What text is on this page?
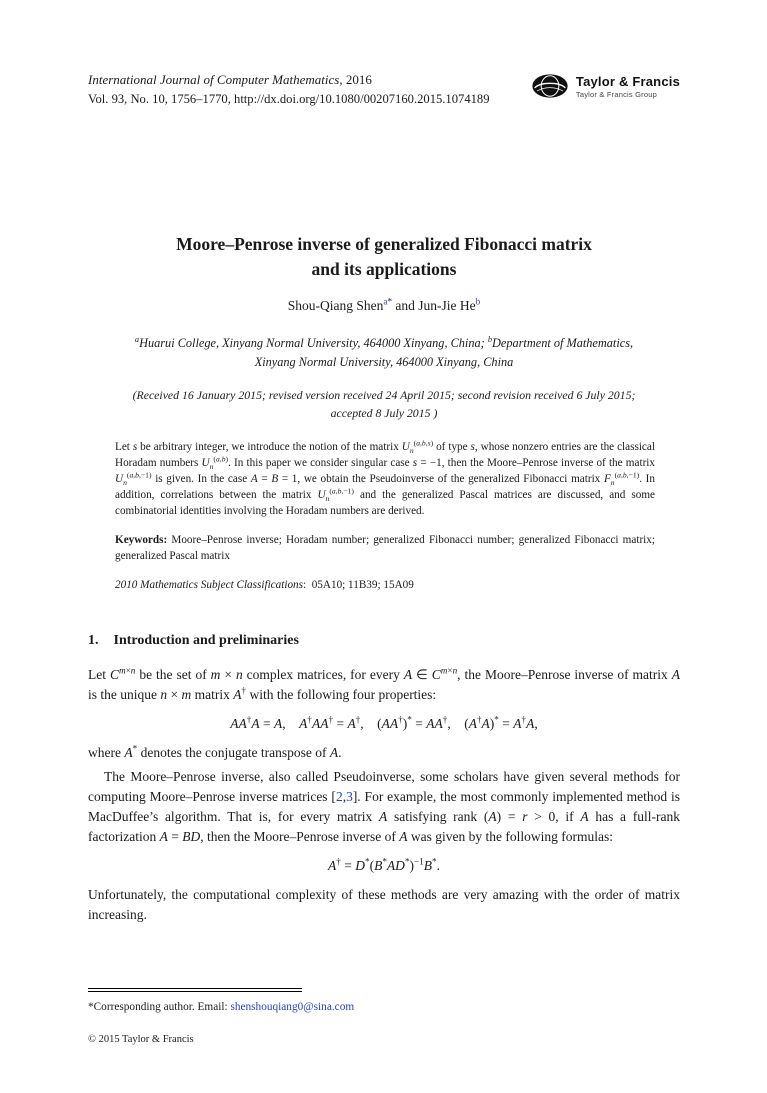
International Journal of Computer Mathematics, 2016
Vol. 93, No. 10, 1756–1770, http://dx.doi.org/10.1080/00207160.2015.1074189
Taylor & Francis
Taylor & Francis Group
Moore–Penrose inverse of generalized Fibonacci matrix
and its applications
Shou-Qiang Shen$^{a*}$ and Jun-Jie He$^b$
$^a$Huarui College, Xinyang Normal University, 464000 Xinyang, China; $^b$Department of Mathematics,
Xinyang Normal University, 464000 Xinyang, China
(Received 16 January 2015; revised version received 24 April 2015; second revision received 6 July 2015;
accepted 8 July 2015 )
Let s be arbitrary integer, we introduce the notion of the matrix $U_n^{(a,b,s)}$ of type s, whose nonzero entries are the classical Horadam numbers $U_n^{(a,b)}$. In this paper we consider singular case s = −1, then the Moore–Penrose inverse of the matrix $U_n^{(a,b,-1)}$ is given. In the case A = B = 1, we obtain the Pseudoinverse of the generalized Fibonacci matrix $F_n^{(a,b,-1)}$. In addition, correlations between the matrix $U_n^{(a,b,-1)}$ and the generalized Pascal matrices are discussed, and some combinatorial identities involving the Horadam numbers are derived.
Keywords: Moore–Penrose inverse; Horadam number; generalized Fibonacci number; generalized Fibonacci matrix; generalized Pascal matrix
2010 Mathematics Subject Classifications:  05A10; 11B39; 15A09
1. Introduction and preliminaries

Let $C^{m\times n}$ be the set of m × n complex matrices, for every A ∈ $C^{m\times n}$, the Moore–Penrose inverse of matrix A is the unique n × m matrix A† with the following four properties:

AA†A = A, A†AA† = A†, (AA†)* = AA†, (A†A)* = A†A,

where A* denotes the conjugate transpose of A.

The Moore–Penrose inverse, also called Pseudoinverse, some scholars have given several methods for computing Moore–Penrose inverse matrices [2,3]. For example, the most commonly implemented method is MacDuffee’s algorithm. That is, for every matrix A satisfying rank (A) = r > 0, if A has a full-rank factorization A = BD, then the Moore–Penrose inverse of A was given by the following formulas:

$A^\dagger = D^*(B^*AD^*)^{-1}B^*$.

Unfortunately, the computational complexity of these methods are very amazing with the order of matrix increasing.

*Corresponding author. Email: shenshouqiang0@sina.com
© 2015 Taylor & Francis
